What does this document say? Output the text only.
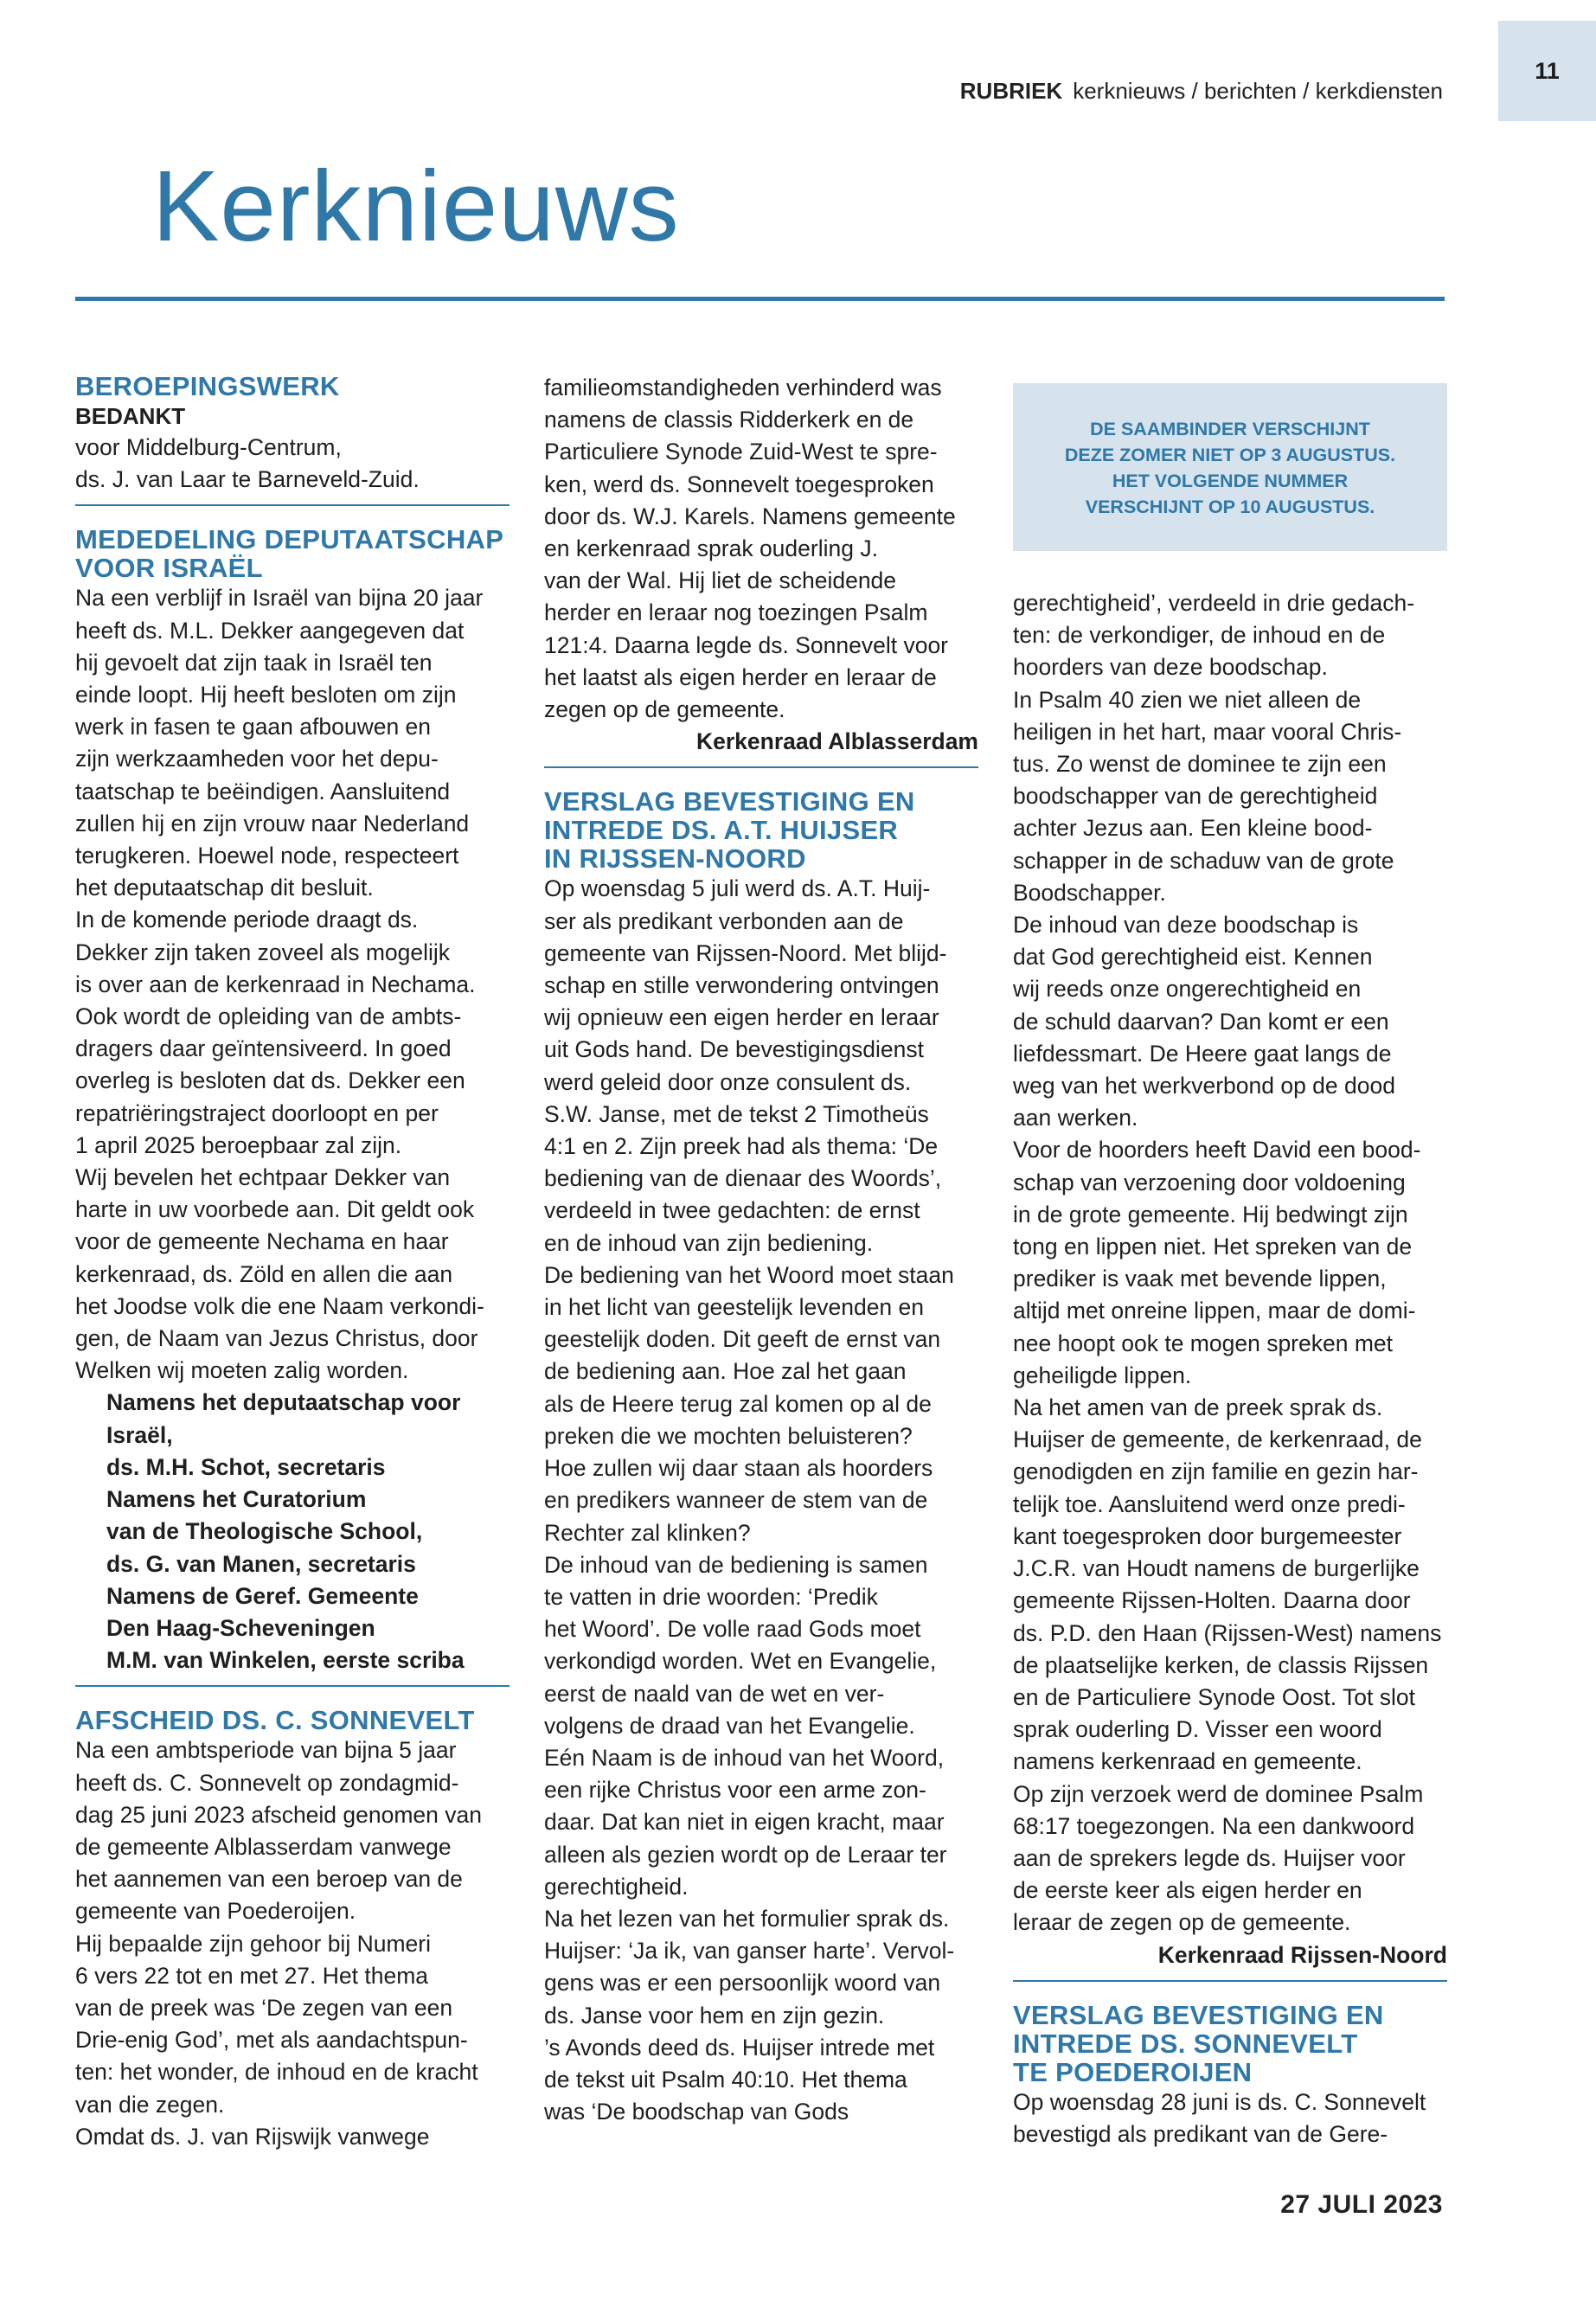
RUBRIEK kerknieuws / berichten / kerkdiensten
11
Kerknieuws
BEROEPINGSWERK
BEDANKT

voor Middelburg-Centrum,

ds. J. van Laar te Barneveld-Zuid.

MEDEDELING DEPUTAATSCHAP
VOOR ISRAËL

Na een verblijf in Israël van bijna 20 jaar

heeft ds. M.L. Dekker aangegeven dat

hij gevoelt dat zijn taak in Israël ten

einde loopt. Hij heeft besloten om zijn

werk in fasen te gaan afbouwen en

zijn werkzaamheden voor het depu-

taatschap te beëindigen. Aansluitend

zullen hij en zijn vrouw naar Nederland

terugkeren. Hoewel node, respecteert

het deputaatschap dit besluit.

In de komende periode draagt ds.

Dekker zijn taken zoveel als mogelijk

is over aan de kerkenraad in Nechama.

Ook wordt de opleiding van de ambts-

dragers daar geïntensiveerd. In goed

overleg is besloten dat ds. Dekker een

repatriëringstraject doorloopt en per

1 april 2025 beroepbaar zal zijn.

Wij bevelen het echtpaar Dekker van

harte in uw voorbede aan. Dit geldt ook

voor de gemeente Nechama en haar

kerkenraad, ds. Zöld en allen die aan

het Joodse volk die ene Naam verkondi-

gen, de Naam van Jezus Christus, door

Welken wij moeten zalig worden.

Namens het deputaatschap voor Israël,

ds. M.H. Schot, secretaris

Namens het Curatorium

van de Theologische School,

ds. G. van Manen, secretaris

Namens de Geref. Gemeente

Den Haag-Scheveningen

M.M. van Winkelen, eerste scriba

AFSCHEID DS. C. SONNEVELT

Na een ambtsperiode van bijna 5 jaar

heeft ds. C. Sonnevelt op zondagmid-

dag 25 juni 2023 afscheid genomen van

de gemeente Alblasserdam vanwege

het aannemen van een beroep van de

gemeente van Poederoijen.

Hij bepaalde zijn gehoor bij Numeri

6 vers 22 tot en met 27. Het thema

van de preek was ‘De zegen van een

Drie-enig God’, met als aandachtspun-

ten: het wonder, de inhoud en de kracht

van die zegen.

Omdat ds. J. van Rijswijk vanwege

familieomstandigheden verhinderd was

namens de classis Ridderkerk en de

Particuliere Synode Zuid-West te spre-

ken, werd ds. Sonnevelt toegesproken

door ds. W.J. Karels. Namens gemeente

en kerkenraad sprak ouderling J.

van der Wal. Hij liet de scheidende

herder en leraar nog toezingen Psalm

121:4. Daarna legde ds. Sonnevelt voor

het laatst als eigen herder en leraar de

zegen op de gemeente.

Kerkenraad Alblasserdam

VERSLAG BEVESTIGING EN
INTREDE DS. A.T. HUIJSER
IN RIJSSEN-NOORD

Op woensdag 5 juli werd ds. A.T. Huij-

ser als predikant verbonden aan de

gemeente van Rijssen-Noord. Met blijd-

schap en stille verwondering ontvingen

wij opnieuw een eigen herder en leraar

uit Gods hand. De bevestigingsdienst

werd geleid door onze consulent ds.

S.W. Janse, met de tekst 2 Timotheüs

4:1 en 2. Zijn preek had als thema: ‘De

bediening van de dienaar des Woords’,

verdeeld in twee gedachten: de ernst

en de inhoud van zijn bediening.

De bediening van het Woord moet staan

in het licht van geestelijk levenden en

geestelijk doden. Dit geeft de ernst van

de bediening aan. Hoe zal het gaan

als de Heere terug zal komen op al de

preken die we mochten beluisteren?

Hoe zullen wij daar staan als hoorders

en predikers wanneer de stem van de

Rechter zal klinken?

De inhoud van de bediening is samen

te vatten in drie woorden: ‘Predik

het Woord’. De volle raad Gods moet

verkondigd worden. Wet en Evangelie,

eerst de naald van de wet en ver-

volgens de draad van het Evangelie.

Eén Naam is de inhoud van het Woord,

een rijke Christus voor een arme zon-

daar. Dat kan niet in eigen kracht, maar

alleen als gezien wordt op de Leraar ter

gerechtigheid.

Na het lezen van het formulier sprak ds.

Huijser: ‘Ja ik, van ganser harte’. Vervol-

gens was er een persoonlijk woord van

ds. Janse voor hem en zijn gezin.

’s Avonds deed ds. Huijser intrede met

de tekst uit Psalm 40:10. Het thema

was ‘De boodschap van Gods

DE SAAMBINDER VERSCHIJNT
DEZE ZOMER NIET OP 3 AUGUSTUS.
HET VOLGENDE NUMMER
VERSCHIJNT OP 10 AUGUSTUS.

gerechtigheid’, verdeeld in drie gedach-

ten: de verkondiger, de inhoud en de

hoorders van deze boodschap.

In Psalm 40 zien we niet alleen de

heiligen in het hart, maar vooral Chris-

tus. Zo wenst de dominee te zijn een

boodschapper van de gerechtigheid

achter Jezus aan. Een kleine bood-

schapper in de schaduw van de grote

Boodschapper.

De inhoud van deze boodschap is

dat God gerechtigheid eist. Kennen

wij reeds onze ongerechtigheid en

de schuld daarvan? Dan komt er een

liefdessmart. De Heere gaat langs de

weg van het werkverbond op de dood

aan werken.

Voor de hoorders heeft David een bood-

schap van verzoening door voldoening

in de grote gemeente. Hij bedwingt zijn

tong en lippen niet. Het spreken van de

prediker is vaak met bevende lippen,

altijd met onreine lippen, maar de domi-

nee hoopt ook te mogen spreken met

geheiligde lippen.

Na het amen van de preek sprak ds.

Huijser de gemeente, de kerkenraad, de

genodigden en zijn familie en gezin har-

telijk toe. Aansluitend werd onze predi-

kant toegesproken door burgemeester

J.C.R. van Houdt namens de burgerlijke

gemeente Rijssen-Holten. Daarna door

ds. P.D. den Haan (Rijssen-West) namens

de plaatselijke kerken, de classis Rijssen

en de Particuliere Synode Oost. Tot slot

sprak ouderling D. Visser een woord

namens kerkenraad en gemeente.

Op zijn verzoek werd de dominee Psalm

68:17 toegezongen. Na een dankwoord

aan de sprekers legde ds. Huijser voor

de eerste keer als eigen herder en

leraar de zegen op de gemeente.

Kerkenraad Rijssen-Noord

VERSLAG BEVESTIGING EN
INTREDE DS. SONNEVELT
TE POEDEROIJEN

Op woensdag 28 juni is ds. C. Sonnevelt

bevestigd als predikant van de Gere-

27 JULI 2023
